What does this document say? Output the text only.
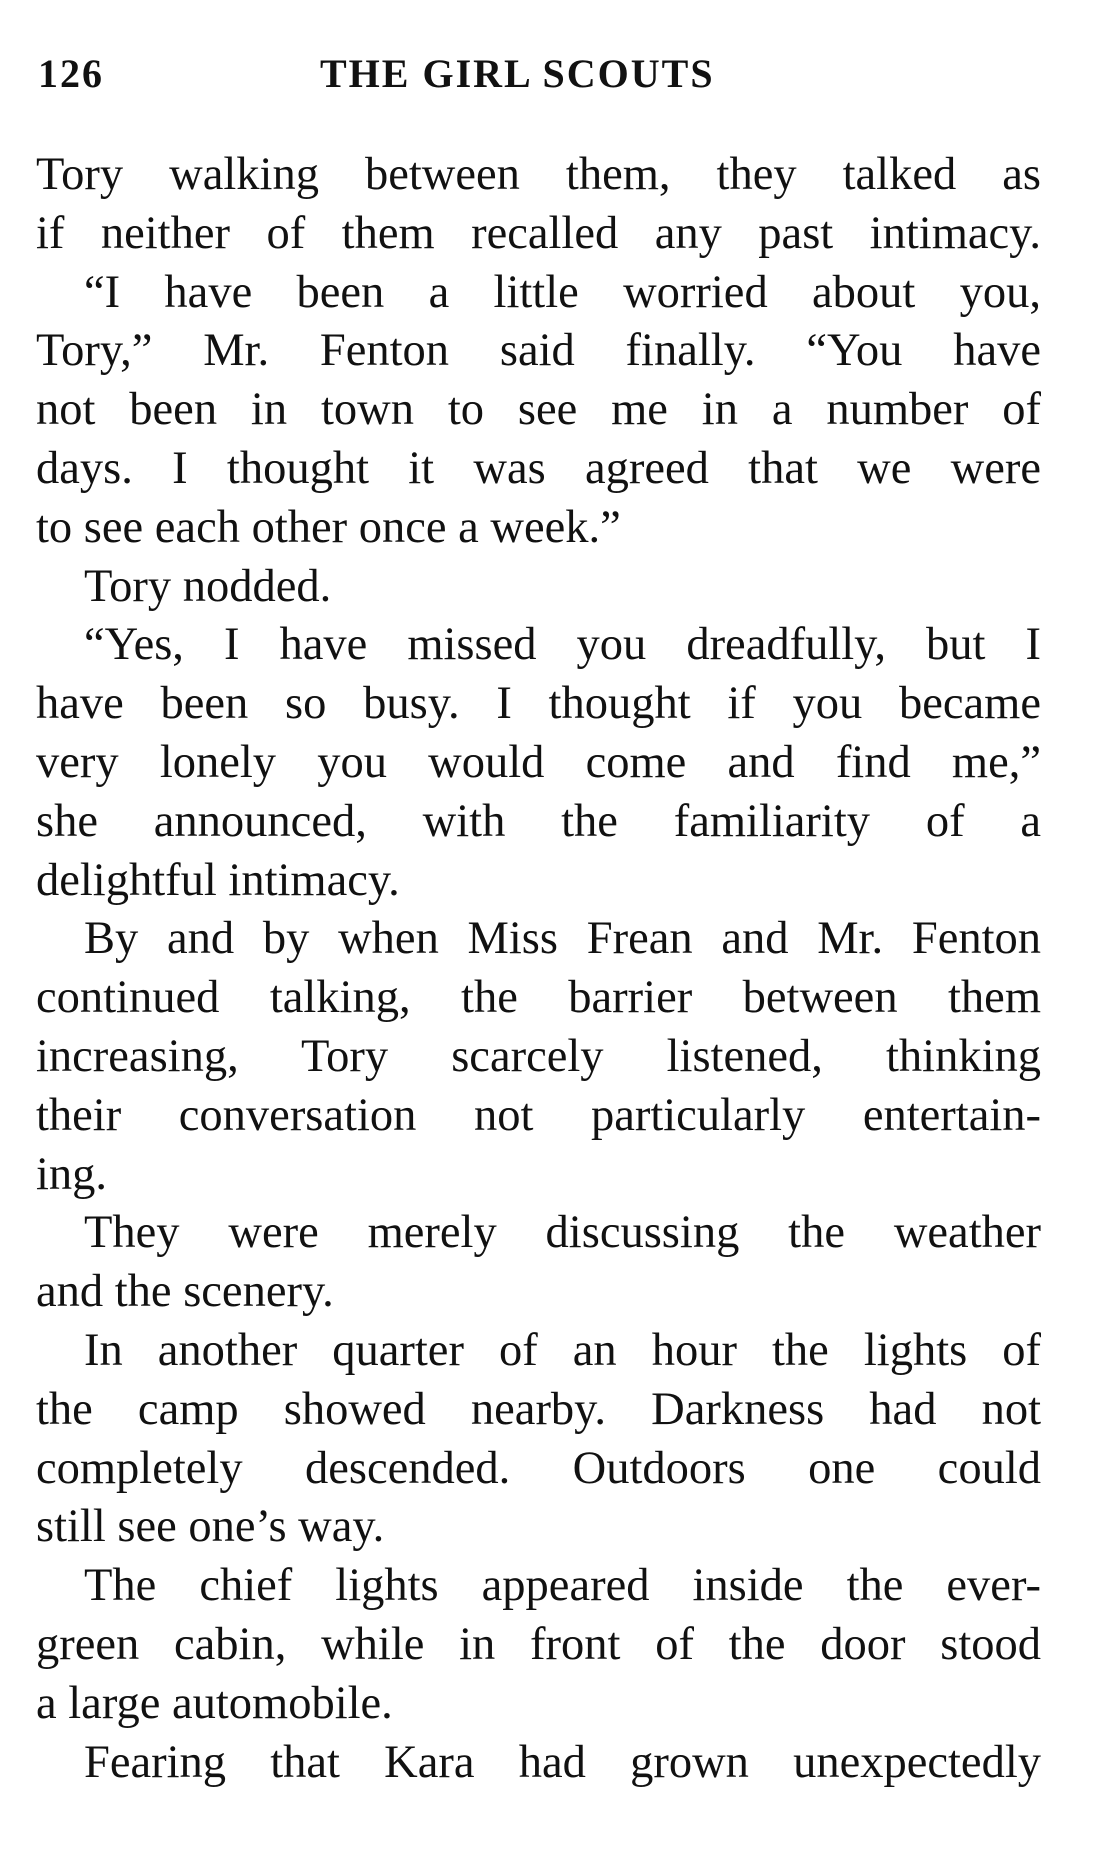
126	THE GIRL SCOUTS
Tory walking between them, they talked as
if neither of them recalled any past intimacy.
“I have been a little worried about you,
Tory,” Mr. Fenton said finally. “You have
not been in town to see me in a number of
days. I thought it was agreed that we were
to see each other once a week.”
Tory nodded.
“Yes, I have missed you dreadfully, but I
have been so busy. I thought if you became
very lonely you would come and find me,”
she announced, with the familiarity of a
delightful intimacy.
By and by when Miss Frean and Mr. Fenton
continued talking, the barrier between them
increasing, Tory scarcely listened, thinking
their conversation not particularly entertain-
ing.
They were merely discussing the weather
and the scenery.
In another quarter of an hour the lights of
the camp showed nearby. Darkness had not
completely descended. Outdoors one could
still see one’s way.
The chief lights appeared inside the ever-
green cabin, while in front of the door stood
a large automobile.
Fearing that Kara had grown unexpectedly
